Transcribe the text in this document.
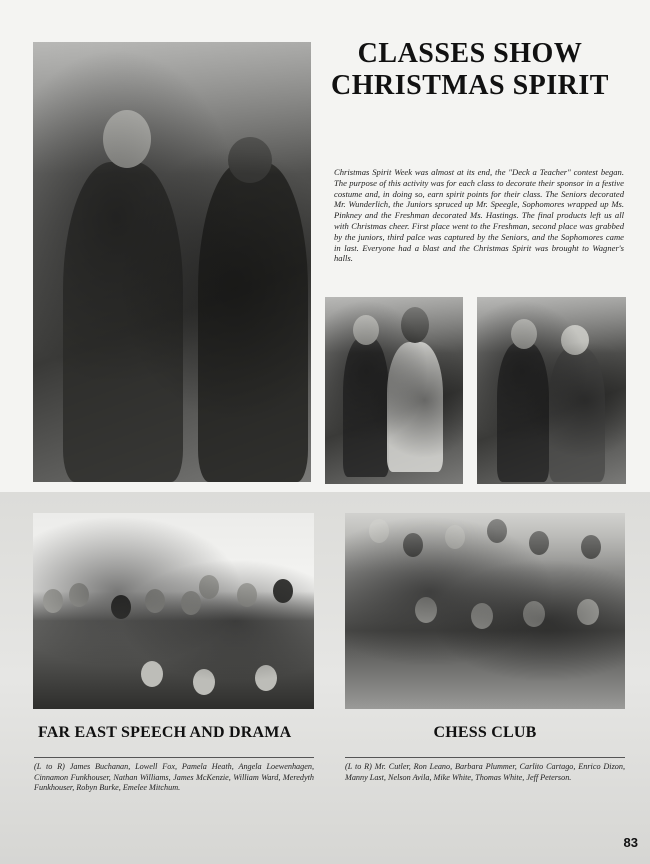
CLASSES SHOW
CHRISTMAS SPIRIT
Christmas Spirit Week was almost at its end, the "Deck a Teacher" contest began. The purpose of this activity was for each class to decorate their sponsor in a festive costume and, in doing so, earn spirit points for their class. The Seniors decorated Mr. Wunderlich, the Juniors spruced up Mr. Speegle, Sophomores wrapped up Ms. Pinkney and the Freshman decorated Ms. Hastings. The final products left us all with Christmas cheer. First place went to the Freshman, second place was grabbed by the juniors, third palce was captured by the Seniors, and the Sophomores came in last. Everyone had a blast and the Christmas Spirit was brought to Wagner's halls.
FAR EAST SPEECH AND DRAMA
(L to R) James Buchanan, Lowell Fox, Pamela Heath, Angela Loewenhagen, Cinnamon Funkhouser, Nathan Williams, James McKenzie, William Ward, Meredyth Funkhouser, Robyn Burke, Emelee Mitchum.
CHESS CLUB
(L to R) Mr. Cutler, Ron Leano, Barbara Plummer, Carlito Cartago, Enrico Dizon, Manny Last, Nelson Avila, Mike White, Thomas White, Jeff Peterson.
83
